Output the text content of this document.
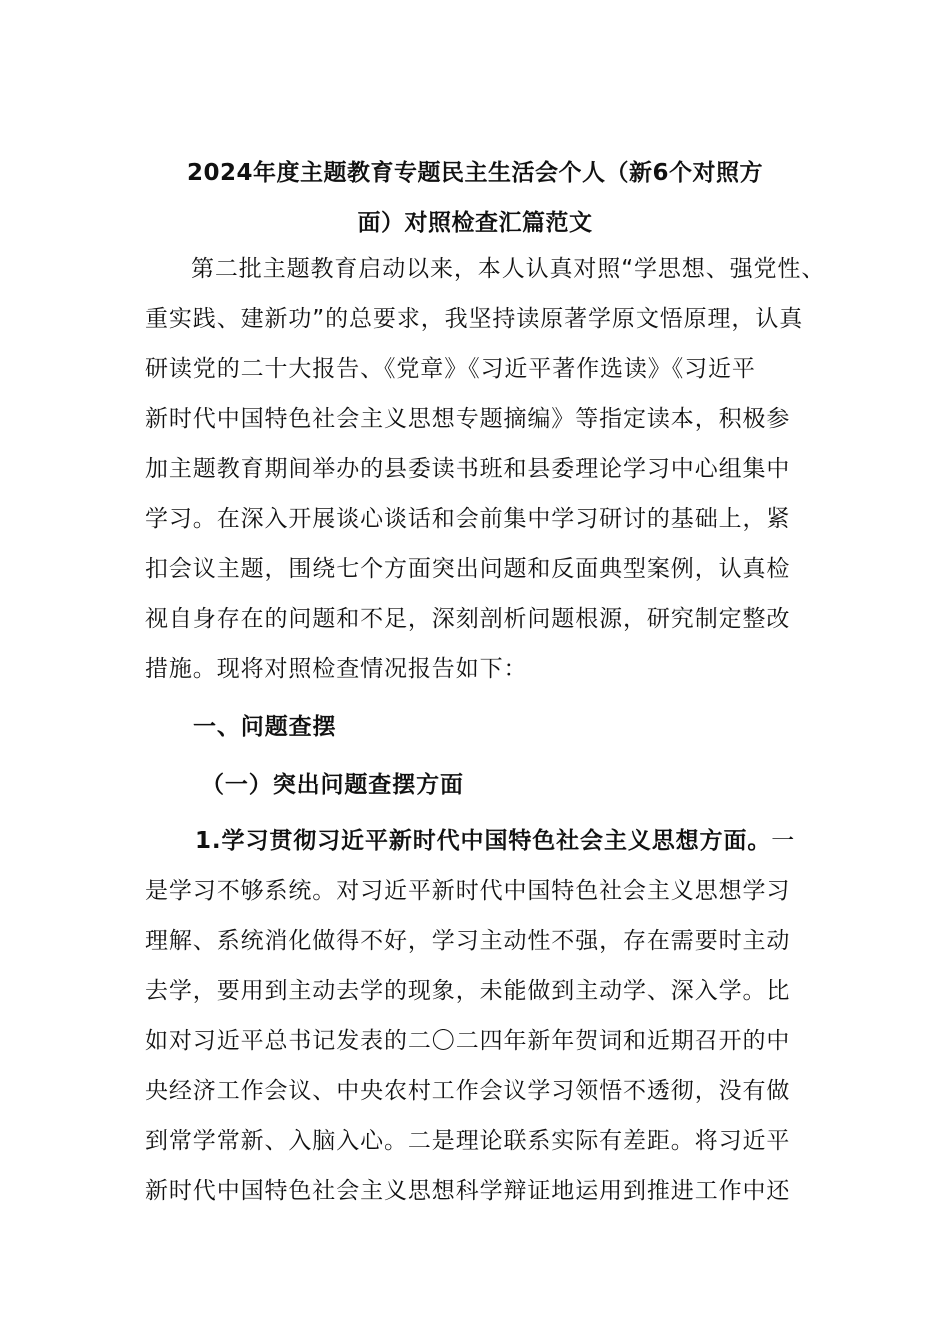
2024年度主题教育专题民主生活会个人（新6个对照方
面）对照检查汇篇范文
第二批主题教育启动以来，本人认真对照“学思想、强党性、
重实践、建新功”的总要求，我坚持读原著学原文悟原理，认真
研读党的二十大报告、《党章》《习近平著作选读》《习近平
新时代中国特色社会主义思想专题摘编》等指定读本，积极参
加主题教育期间举办的县委读书班和县委理论学习中心组集中
学习。在深入开展谈心谈话和会前集中学习研讨的基础上，紧
扣会议主题，围绕七个方面突出问题和反面典型案例，认真检
视自身存在的问题和不足，深刻剖析问题根源，研究制定整改
措施。现将对照检查情况报告如下：
一、问题查摆
（一）突出问题查摆方面
1.学习贯彻习近平新时代中国特色社会主义思想方面。一
是学习不够系统。对习近平新时代中国特色社会主义思想学习
理解、系统消化做得不好，学习主动性不强，存在需要时主动
去学，要用到主动去学的现象，未能做到主动学、深入学。比
如对习近平总书记发表的二〇二四年新年贺词和近期召开的中
央经济工作会议、中央农村工作会议学习领悟不透彻，没有做
到常学常新、入脑入心。二是理论联系实际有差距。将习近平
新时代中国特色社会主义思想科学辩证地运用到推进工作中还
